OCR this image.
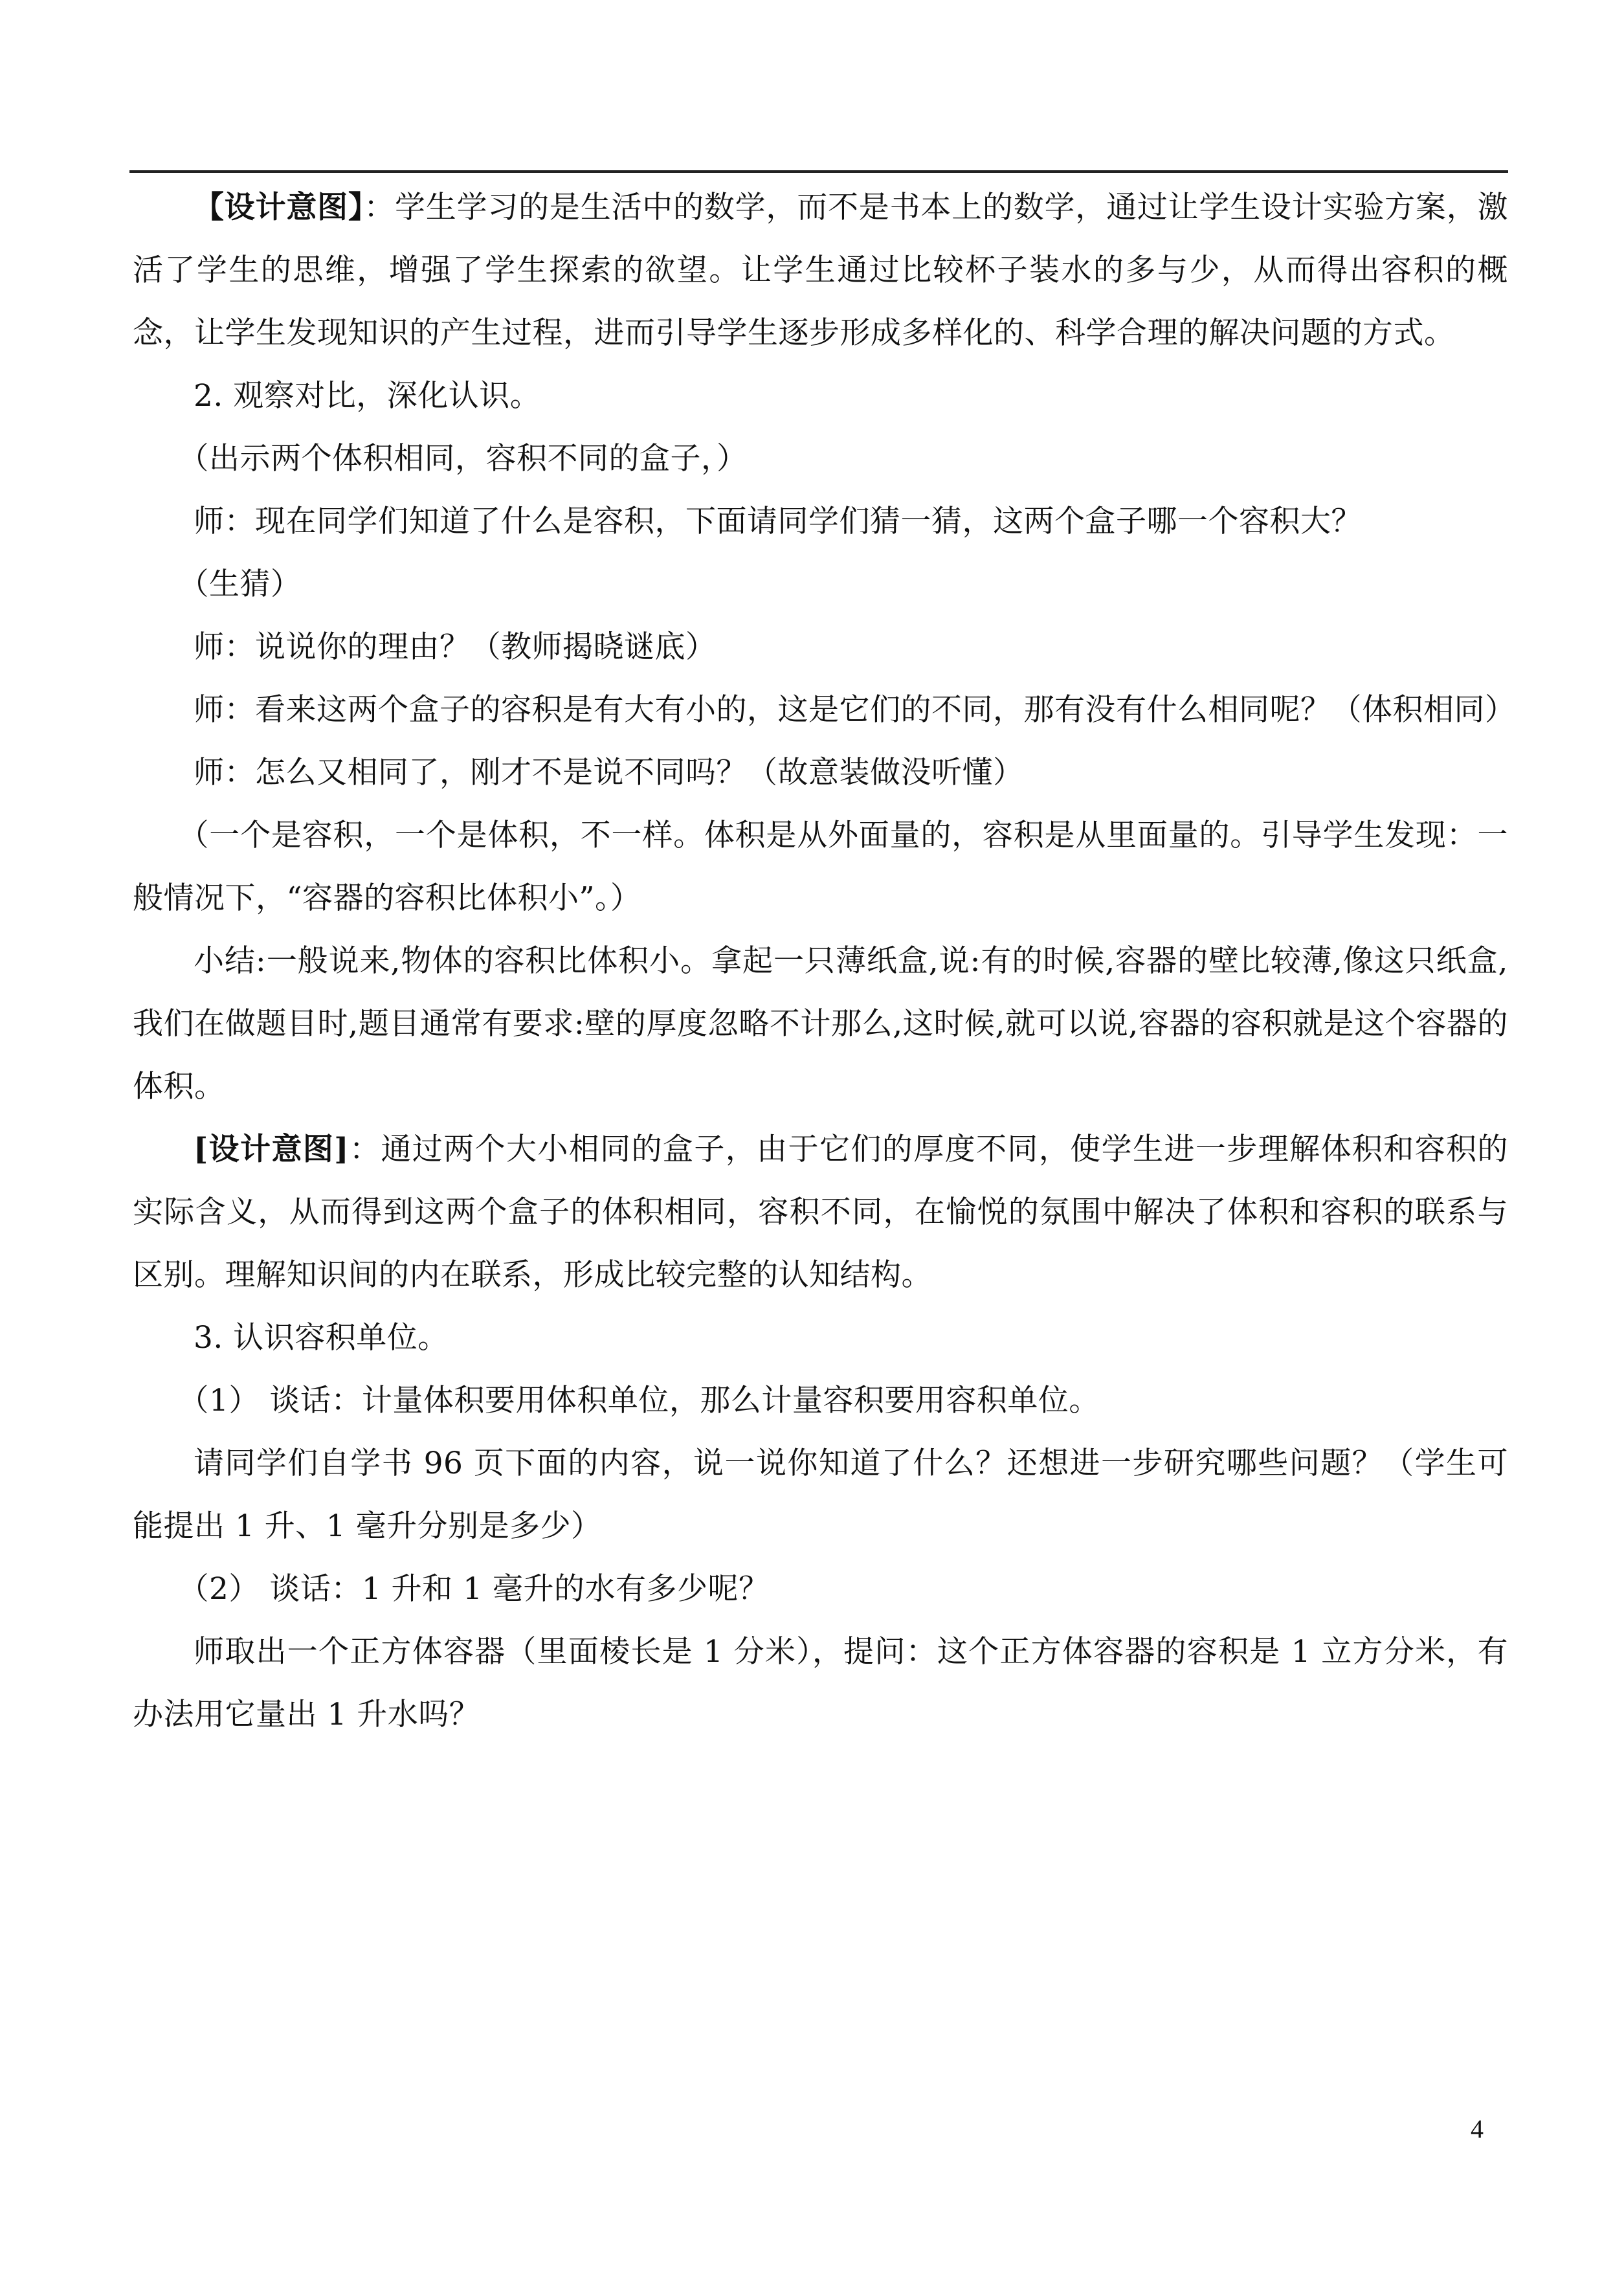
【设计意图】：学生学习的是生活中的数学，而不是书本上的数学，通过让学生设计实验方案，激活了学生的思维，增强了学生探索的欲望。让学生通过比较杯子装水的多与少，从而得出容积的概念，让学生发现知识的产生过程，进而引导学生逐步形成多样化的、科学合理的解决问题的方式。

2. 观察对比，深化认识。

（出示两个体积相同，容积不同的盒子，）

师：现在同学们知道了什么是容积，下面请同学们猜一猜，这两个盒子哪一个容积大？

（生猜）

师：说说你的理由？（教师揭晓谜底）

师：看来这两个盒子的容积是有大有小的，这是它们的不同，那有没有什么相同呢？（体积相同）

师：怎么又相同了，刚才不是说不同吗？（故意装做没听懂）

（一个是容积，一个是体积，不一样。体积是从外面量的，容积是从里面量的。引导学生发现：一般情况下，“容器的容积比体积小”。）

小结:一般说来,物体的容积比体积小。拿起一只薄纸盒,说:有的时候,容器的壁比较薄,像这只纸盒,我们在做题目时,题目通常有要求:壁的厚度忽略不计那么,这时候,就可以说,容器的容积就是这个容器的体积。

[设计意图]：通过两个大小相同的盒子，由于它们的厚度不同，使学生进一步理解体积和容积的实际含义，从而得到这两个盒子的体积相同，容积不同，在愉悦的氛围中解决了体积和容积的联系与区别。理解知识间的内在联系，形成比较完整的认知结构。

3. 认识容积单位。

（1） 谈话：计量体积要用体积单位，那么计量容积要用容积单位。

请同学们自学书 96 页下面的内容，说一说你知道了什么？还想进一步研究哪些问题？（学生可能提出 1 升、1 毫升分别是多少）

（2） 谈话：1 升和 1 毫升的水有多少呢？

师取出一个正方体容器（里面棱长是 1 分米），提问：这个正方体容器的容积是 1 立方分米，有办法用它量出 1 升水吗？

4
